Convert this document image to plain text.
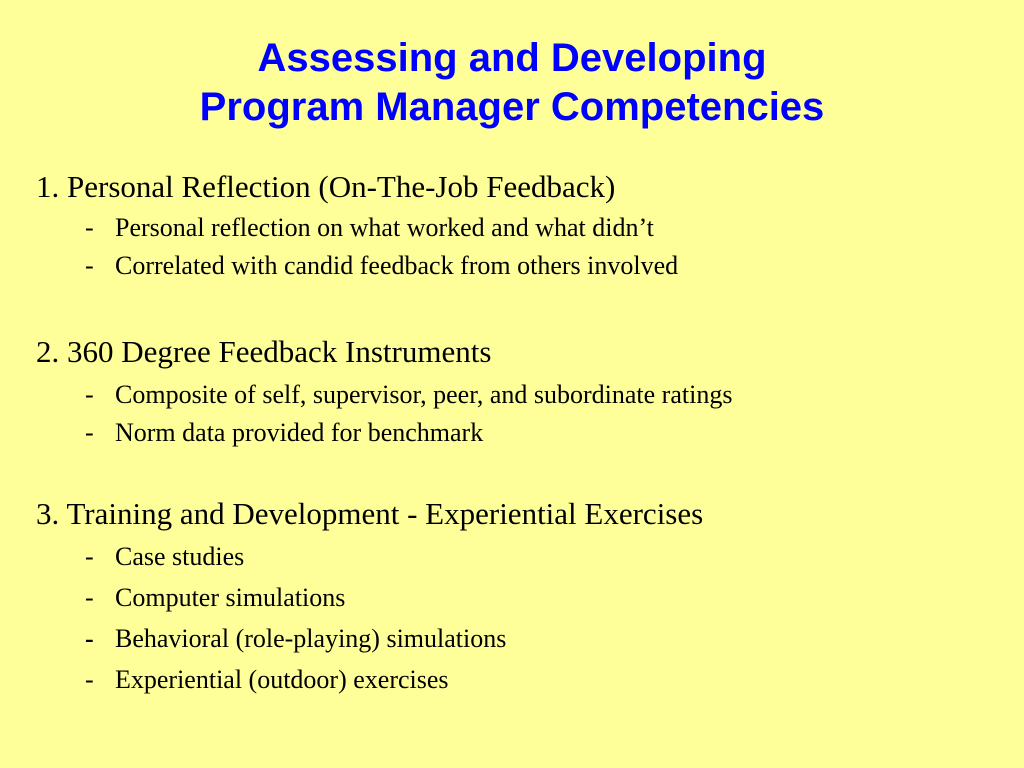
Assessing and Developing
Program Manager Competencies
1. Personal Reflection (On-The-Job Feedback)
- Personal reflection on what worked and what didn’t
- Correlated with candid feedback from others involved
2. 360 Degree Feedback Instruments
- Composite of self, supervisor, peer, and subordinate ratings
- Norm data provided for benchmark
3. Training and Development - Experiential Exercises
- Case studies
- Computer simulations
- Behavioral (role-playing) simulations
- Experiential (outdoor) exercises
